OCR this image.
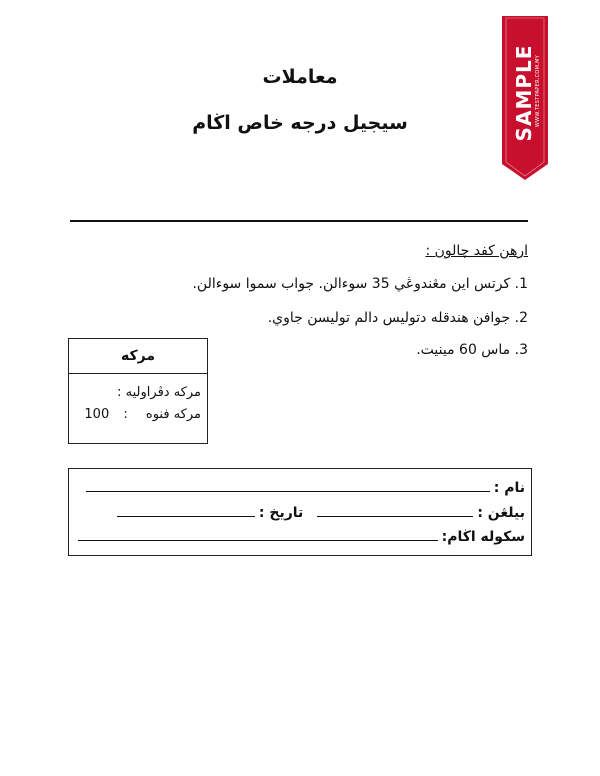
معاملات
سيجيل درجه خاص اڬام	SAMPLE WWW.TESTPAPER.COM.MY
ارهن كفد چالون :
1. كرتس اين مڠندوڠي 35 سوءالن. جواب سموا سوءالن.
2. جوافن هندقله دتوليس دالم توليسن جاوي.
3. ماس 60 مينيت.
مركه
مركه دڤراوليه :
مركه فنوه : 100
نام :
بيلڠن :
تاريخ :
سكوله اڬام:
